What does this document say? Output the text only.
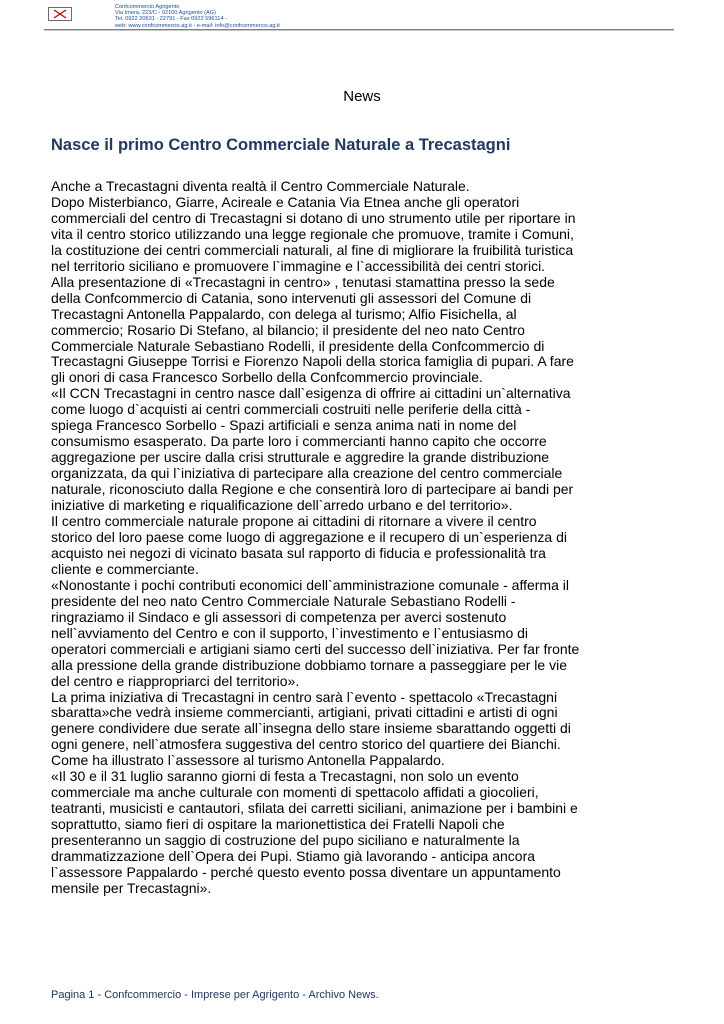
Confcommercio Agrigento
Via Imera, 223/C - 92100 Agrigento (AG)
Tel. 0922 20631 - 22791 - Fax 0922 596114 -
web: www.confcommercio.ag.it - e-mail: info@confcommercio.ag.it
News
Nasce il primo Centro Commerciale Naturale a Trecastagni
Anche a Trecastagni diventa realtà il Centro Commerciale Naturale.
Dopo Misterbianco, Giarre, Acireale e Catania Via Etnea anche gli operatori
commerciali del centro di Trecastagni si dotano di uno strumento utile per riportare in
vita il centro storico utilizzando una legge regionale che promuove, tramite i Comuni,
la costituzione dei centri commerciali naturali, al fine di migliorare la fruibilità turistica
nel territorio siciliano e promuovere l`immagine e l`accessibilità dei centri storici.
Alla presentazione di «Trecastagni in centro» , tenutasi stamattina presso la sede
della Confcommercio di Catania, sono intervenuti gli assessori del Comune di
Trecastagni Antonella Pappalardo, con delega al turismo; Alfio Fisichella, al
commercio; Rosario Di Stefano, al bilancio; il presidente del neo nato Centro
Commerciale Naturale Sebastiano Rodelli, il presidente della Confcommercio di
Trecastagni Giuseppe Torrisi e Fiorenzo Napoli della storica famiglia di pupari. A fare
gli onori di casa Francesco Sorbello della Confcommercio provinciale.
«Il CCN Trecastagni in centro nasce dall`esigenza di offrire ai cittadini un`alternativa
come luogo d`acquisti ai centri commerciali costruiti nelle periferie della città -
spiega Francesco Sorbello - Spazi artificiali e senza anima nati in nome del
consumismo esasperato. Da parte loro i commercianti hanno capito che occorre
aggregazione per uscire dalla crisi strutturale e aggredire la grande distribuzione
organizzata, da qui l`iniziativa di partecipare alla creazione del centro commerciale
naturale, riconosciuto dalla Regione e che consentirà loro di partecipare ai bandi per
iniziative di marketing e riqualificazione dell`arredo urbano e del territorio».
Il centro commerciale naturale propone ai cittadini di ritornare a vivere il centro
storico del loro paese come luogo di aggregazione e il recupero di un`esperienza di
acquisto nei negozi di vicinato basata sul rapporto di fiducia e professionalità tra
cliente e commerciante.
«Nonostante i pochi contributi economici dell`amministrazione comunale - afferma il
presidente del neo nato Centro Commerciale Naturale Sebastiano Rodelli -
ringraziamo il Sindaco e gli assessori di competenza per averci sostenuto
nell`avviamento del Centro e con il supporto, l`investimento e l`entusiasmo di
operatori commerciali e artigiani siamo certi del successo dell`iniziativa. Per far fronte
alla pressione della grande distribuzione dobbiamo tornare a passeggiare per le vie
del centro e riappropriarci del territorio».
La prima iniziativa di Trecastagni in centro sarà l`evento - spettacolo «Trecastagni
sbaratta»che vedrà insieme commercianti, artigiani, privati cittadini e artisti di ogni
genere condividere due serate all`insegna dello stare insieme sbarattando oggetti di
ogni genere, nell`atmosfera suggestiva del centro storico del quartiere dei Bianchi.
Come ha illustrato l`assessore al turismo Antonella Pappalardo.
«Il 30 e il 31 luglio saranno giorni di festa a Trecastagni, non solo un evento
commerciale ma anche culturale con momenti di spettacolo affidati a giocolieri,
teatranti, musicisti e cantautori, sfilata dei carretti siciliani, animazione per i bambini e
soprattutto, siamo fieri di ospitare la marionettistica dei Fratelli Napoli che
presenteranno un saggio di costruzione del pupo siciliano e naturalmente la
drammatizzazione dell`Opera dei Pupi. Stiamo già lavorando - anticipa ancora
l`assessore Pappalardo - perché questo evento possa diventare un appuntamento
mensile per Trecastagni».
Pagina 1 - Confcommercio - Imprese per Agrigento - Archivo News.
